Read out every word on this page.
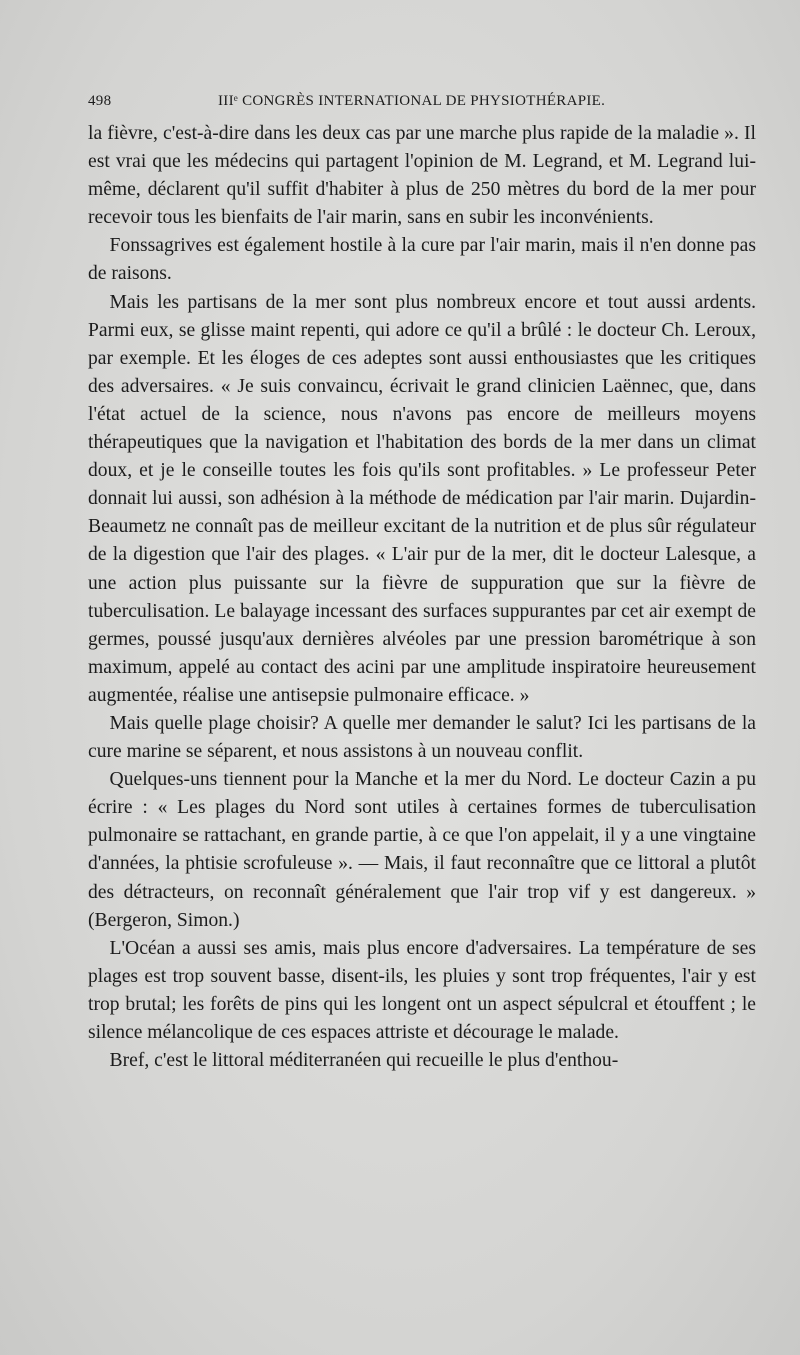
498	IIIᵉ CONGRÈS INTERNATIONAL DE PHYSIOTHÉRAPIE.

la fièvre, c'est-à-dire dans les deux cas par une marche plus rapide de la maladie ». Il est vrai que les médecins qui partagent l'opinion de M. Legrand, et M. Legrand lui-même, déclarent qu'il suffit d'habiter à plus de 250 mètres du bord de la mer pour recevoir tous les bienfaits de l'air marin, sans en subir les inconvénients.

Fonssagrives est également hostile à la cure par l'air marin, mais il n'en donne pas de raisons.

Mais les partisans de la mer sont plus nombreux encore et tout aussi ardents. Parmi eux, se glisse maint repenti, qui adore ce qu'il a brûlé : le docteur Ch. Leroux, par exemple. Et les éloges de ces adeptes sont aussi enthousiastes que les critiques des adversaires. « Je suis convaincu, écrivait le grand clinicien Laënnec, que, dans l'état actuel de la science, nous n'avons pas encore de meilleurs moyens thérapeutiques que la navigation et l'habitation des bords de la mer dans un climat doux, et je le conseille toutes les fois qu'ils sont profitables. » Le professeur Peter donnait lui aussi, son adhésion à la méthode de médication par l'air marin. Dujardin-Beaumetz ne connaît pas de meilleur excitant de la nutrition et de plus sûr régulateur de la digestion que l'air des plages. « L'air pur de la mer, dit le docteur Lalesque, a une action plus puissante sur la fièvre de suppuration que sur la fièvre de tuberculisation. Le balayage incessant des surfaces suppurantes par cet air exempt de germes, poussé jusqu'aux dernières alvéoles par une pression barométrique à son maximum, appelé au contact des acini par une amplitude inspiratoire heureusement augmentée, réalise une antisepsie pulmonaire efficace. »

Mais quelle plage choisir? A quelle mer demander le salut? Ici les partisans de la cure marine se séparent, et nous assistons à un nouveau conflit.

Quelques-uns tiennent pour la Manche et la mer du Nord. Le docteur Cazin a pu écrire : « Les plages du Nord sont utiles à certaines formes de tuberculisation pulmonaire se rattachant, en grande partie, à ce que l'on appelait, il y a une vingtaine d'années, la phtisie scrofuleuse ». — Mais, il faut reconnaître que ce littoral a plutôt des détracteurs, on reconnaît généralement que l'air trop vif y est dangereux. » (Bergeron, Simon.)

L'Océan a aussi ses amis, mais plus encore d'adversaires. La température de ses plages est trop souvent basse, disent-ils, les pluies y sont trop fréquentes, l'air y est trop brutal; les forêts de pins qui les longent ont un aspect sépulcral et étouffent ; le silence mélancolique de ces espaces attriste et décourage le malade.

Bref, c'est le littoral méditerranéen qui recueille le plus d'enthou-
